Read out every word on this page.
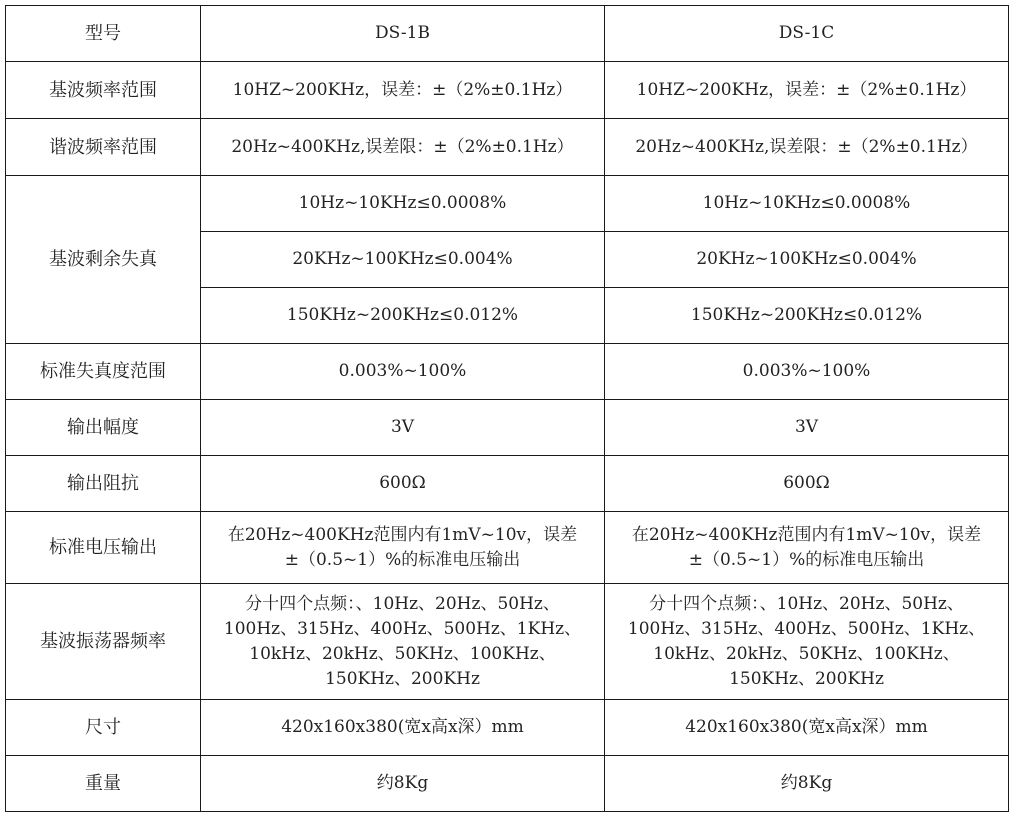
型号	DS-1B	DS-1C
基波频率范围	10HZ~200KHz，误差：±（2%±0.1Hz）	10HZ~200KHz，误差：±（2%±0.1Hz）
谐波频率范围	20Hz~400KHz,误差限：±（2%±0.1Hz）	20Hz~400KHz,误差限：±（2%±0.1Hz）
基波剩余失真	10Hz~10KHz≤0.0008%	10Hz~10KHz≤0.0008%
	20KHz~100KHz≤0.004%	20KHz~100KHz≤0.004%
	150KHz~200KHz≤0.012%	150KHz~200KHz≤0.012%
标准失真度范围	0.003%~100%	0.003%~100%
输出幅度	3V	3V
输出阻抗	600Ω	600Ω
标准电压输出	在20Hz~400KHz范围内有1mV~10v，误差±（0.5~1）%的标准电压输出	在20Hz~400KHz范围内有1mV~10v，误差±（0.5~1）%的标准电压输出
基波振荡器频率	分十四个点频：、10Hz、20Hz、50Hz、100Hz、315Hz、400Hz、500Hz、1KHz、10kHz、20kHz、50KHz、100KHz、150KHz、200KHz	分十四个点频：、10Hz、20Hz、50Hz、100Hz、315Hz、400Hz、500Hz、1KHz、10kHz、20kHz、50KHz、100KHz、150KHz、200KHz
尺寸	420x160x380(宽x高x深）mm	420x160x380(宽x高x深）mm
重量	约8Kg	约8Kg
